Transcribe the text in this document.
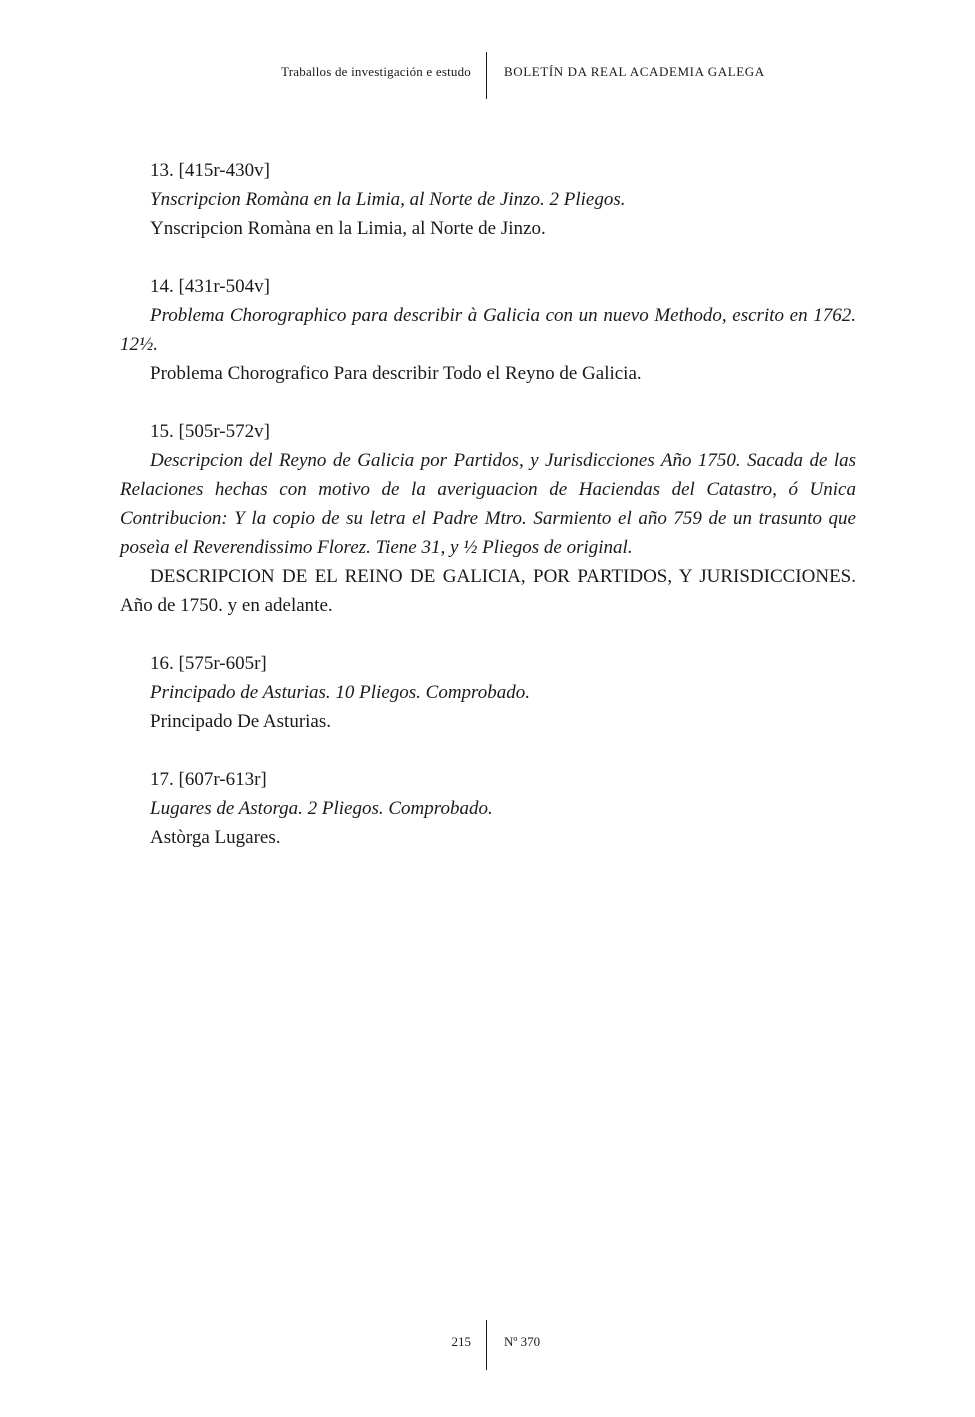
Traballos de investigación e estudo	BOLETÍN DA REAL ACADEMIA GALEGA

13. [415r-430v]

Ynscripcion Romàna en la Limia, al Norte de Jinzo. 2 Pliegos.

Ynscripcion Romàna en la Limia, al Norte de Jinzo.

14. [431r-504v]

Problema Chorographico para describir à Galicia con un nuevo Methodo, escrito en 1762. 12½.

Problema Chorografico Para describir Todo el Reyno de Galicia.

15. [505r-572v]

Descripcion del Reyno de Galicia por Partidos, y Jurisdicciones Año 1750. Sacada de las Relaciones hechas con motivo de la averiguacion de Haciendas del Catastro, ó Unica Contribucion: Y la copio de su letra el Padre Mtro. Sarmiento el año 759 de un trasunto que poseìa el Reverendissimo Florez. Tiene 31, y ½ Pliegos de original.

DESCRIPCION DE EL REINO DE GALICIA, POR PARTIDOS, Y JURISDICCIONES. Año de 1750. y en adelante.

16. [575r-605r]

Principado de Asturias. 10 Pliegos. Comprobado.

Principado De Asturias.

17. [607r-613r]

Lugares de Astorga. 2 Pliegos. Comprobado.

Astòrga Lugares.

215	Nº 370
